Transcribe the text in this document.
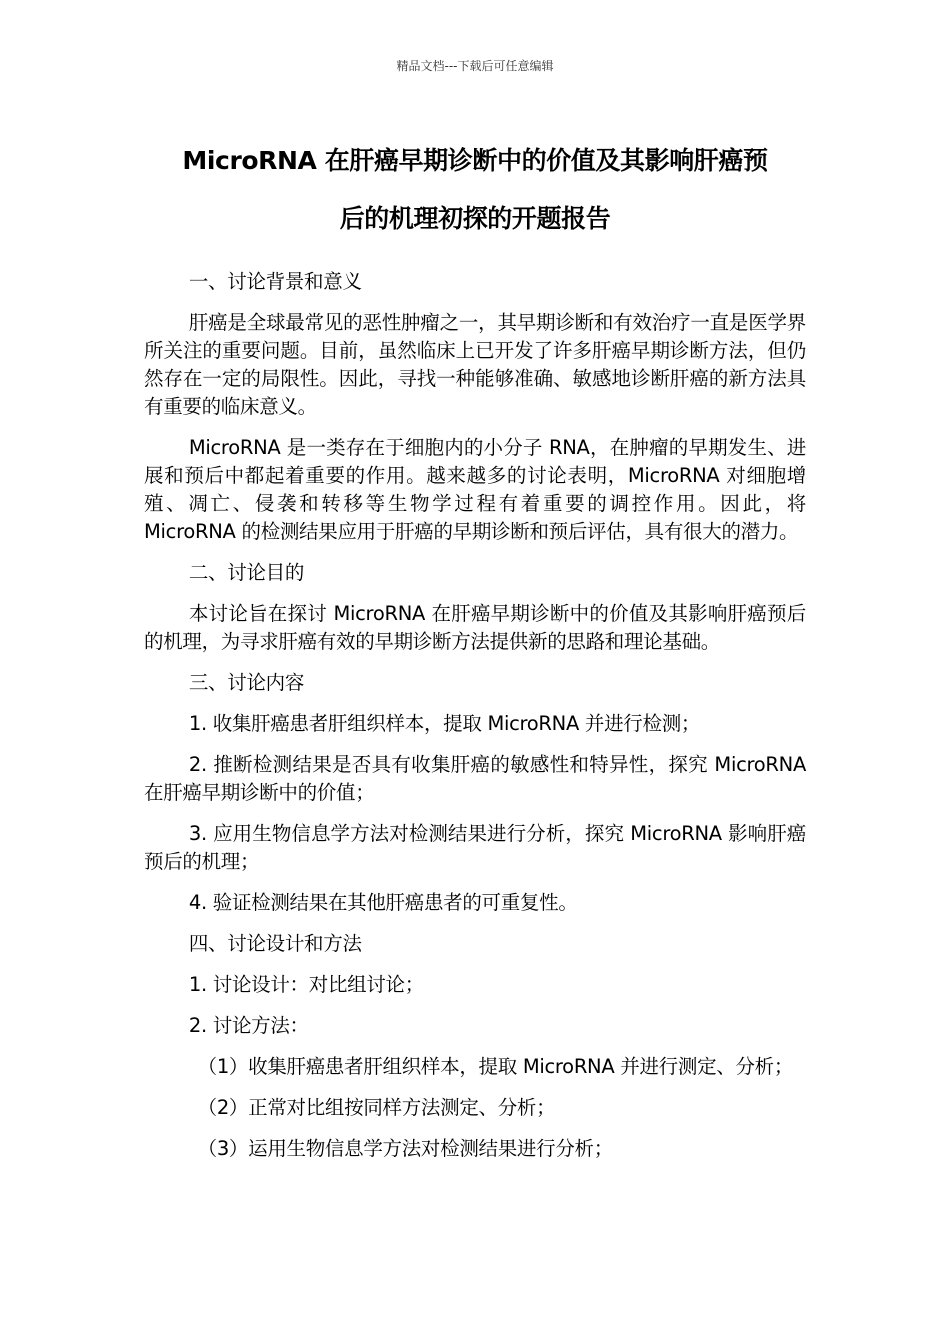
精品文档---下载后可任意编辑
MicroRNA 在肝癌早期诊断中的价值及其影响肝癌预
后的机理初探的开题报告

一、讨论背景和意义

肝癌是全球最常见的恶性肿瘤之一，其早期诊断和有效治疗一直是医学界所关注的重要问题。目前，虽然临床上已开发了许多肝癌早期诊断方法，但仍然存在一定的局限性。因此，寻找一种能够准确、敏感地诊断肝癌的新方法具有重要的临床意义。

MicroRNA 是一类存在于细胞内的小分子 RNA，在肿瘤的早期发生、进展和预后中都起着重要的作用。越来越多的讨论表明，MicroRNA 对细胞增殖、凋亡、侵袭和转移等生物学过程有着重要的调控作用。因此，将 MicroRNA 的检测结果应用于肝癌的早期诊断和预后评估，具有很大的潜力。

二、讨论目的

本讨论旨在探讨 MicroRNA 在肝癌早期诊断中的价值及其影响肝癌预后的机理，为寻求肝癌有效的早期诊断方法提供新的思路和理论基础。

三、讨论内容

1. 收集肝癌患者肝组织样本，提取 MicroRNA 并进行检测；

2. 推断检测结果是否具有收集肝癌的敏感性和特异性，探究 MicroRNA 在肝癌早期诊断中的价值；

3. 应用生物信息学方法对检测结果进行分析，探究 MicroRNA 影响肝癌预后的机理；

4. 验证检测结果在其他肝癌患者的可重复性。

四、讨论设计和方法

1. 讨论设计：对比组讨论；

2. 讨论方法：

（1）收集肝癌患者肝组织样本，提取 MicroRNA 并进行测定、分析；

（2）正常对比组按同样方法测定、分析；

（3）运用生物信息学方法对检测结果进行分析；
